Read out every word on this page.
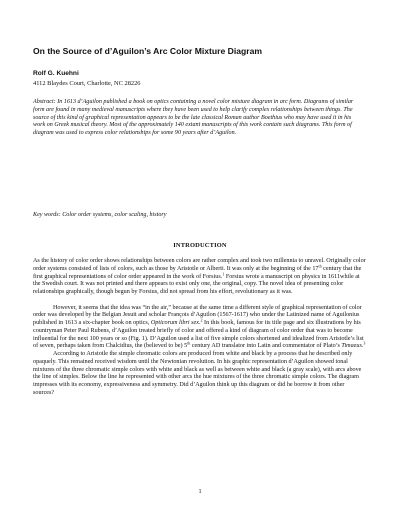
On the Source of d’Aguilon’s Arc Color Mixture Diagram
Rolf G. Kuehni
4112 Blaydes Court, Charlotte, NC 28226

Abstract: In 1613 d’Aguilon published a book on optics containing a novel color mixture diagram in arc form. Diagrams of similar form are found in many medieval manuscripts where they have been used to help clarify complex relationships between things. The source of this kind of graphical representation appears to be the late classical Roman author Boethius who may have used it in his work on Greek musical theory. Most of the approximately 140 extant manuscripts of this work contain such diagrams. This form of diagram was used to express color relationships for some 90 years after d’Aguilon.

Key words: Color order systems, color scaling, history
INTRODUCTION

As the history of color order shows relationships between colors are rather complex and took two millennia to unravel. Originally color order systems consisted of lists of colors, such as those by Aristotle or Alberti. It was only at the beginning of the 17th century that the first graphical representations of color order appeared in the work of Forsius.$^1$ Forsius wrote a manuscript on physics in 1611while at the Swedish court. It was not printed and there appears to exist only one, the original, copy. The novel idea of presenting color relationships graphically, though begun by Forsius, did not spread from his effort, revolutionary as it was.

However, it seems that the idea was “in the air,” because at the same time a different style of graphical representation of color order was developed by the Belgian Jesuit and scholar François d’Aguilon (1567-1617) who under the Latinized name of Aguilonius published in 1613 a six-chapter book on optics, Opticorum libri sex.$^2$ In this book, famous for its title page and six illustrations by his countryman Peter Paul Rubens, d’Aguilon treated briefly of color and offered a kind of diagram of color order that was to become influential for the next 100 years or so (Fig. 1). D’Aguilon used a list of five simple colors shortened and idealized from Aristotle’s list of seven, perhaps taken from Chalcidius, the (believed to be) 5th century AD translator into Latin and commentator of Plato’s Timaeus.$^3$

According to Aristotle the simple chromatic colors are produced from white and black by a process that he described only opaquely. This remained received wisdom until the Newtonian revolution. In his graphic representation d’Aguilon showed tonal mixtures of the three chromatic simple colors with white and black as well as between white and black (a gray scale), with arcs above the line of simples. Below the line he represented with other arcs the hue mixtures of the three chromatic simple colors. The diagram impresses with its economy, expressiveness and symmetry. Did d’Aguilon think up this diagram or did he borrow it from other sources?

1
